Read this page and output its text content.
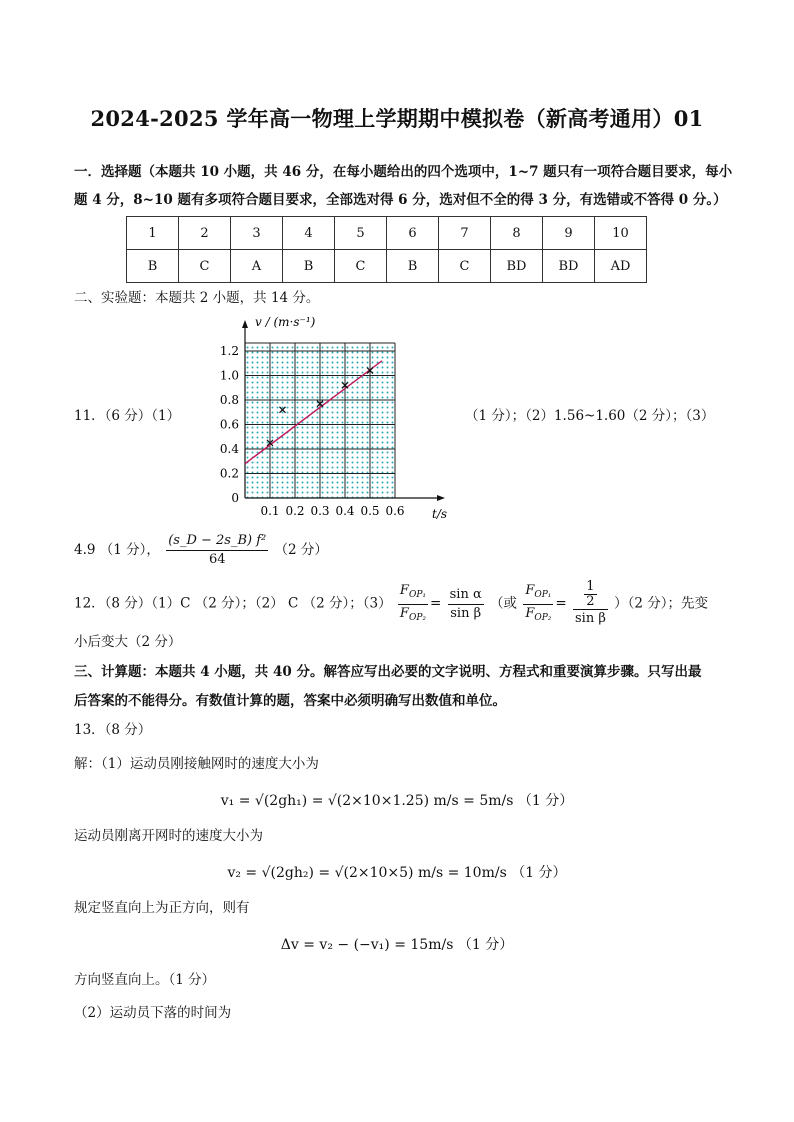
2024-2025 学年高一物理上学期期中模拟卷（新高考通用）01
一．选择题（本题共 10 小题，共 46 分，在每小题给出的四个选项中，1~7 题只有一项符合题目要求，每小
题 4 分，8~10 题有多项符合题目要求，全部选对得 6 分，选对但不全的得 3 分，有选错或不答得 0 分。）
1	2	3	4	5	6	7	8	9	10
B	C	A	B	C	B	C	BD	BD	AD
二、实验题：本题共 2 小题，共 14 分。
11．（6 分）（1）	（1 分）；（2）1.56~1.60（2 分）；（3）
0
0.2
0.4
0.6
0.8
1.0
1.2
0.1 0.2 0.3 0.4 0.5 0.6
v / (m·s⁻¹)
t/s
4.9 （1 分）， $\frac{\text{(s\_D − 2s\_B) f²}}{64} (2$ 分）
12．（8 分）（1）C （2 分）；（2） C （2 分）；$(3) \frac{F_{OP_1}}{F_{OP_2}} = \frac{\text{sin α}}{\text{sin β}}$ （或 $\frac{F_{OP_1}}{F_{OP_2}} = \frac{\frac{1}{2}}{\text{sin β}} )(2$ 分）；先变
小后变大（2 分）
三、计算题：本题共 4 小题，共 40 分。解答应写出必要的文字说明、方程式和重要演算步骤。只写出最
后答案的不能得分。有数值计算的题，答案中必须明确写出数值和单位。
13．（8 分）
解：（1）运动员刚接触网时的速度大小为
v₁ = √(2gh₁) = √(2×10×1.25) m/s = 5m/s （1 分）
运动员刚离开网时的速度大小为
v₂ = √(2gh₂) = √(2×10×5) m/s = 10m/s （1 分）
规定竖直向上为正方向，则有
Δv = v₂ − (−v₁) = 15m/s （1 分）
方向竖直向上。（1 分）
（2）运动员下落的时间为
